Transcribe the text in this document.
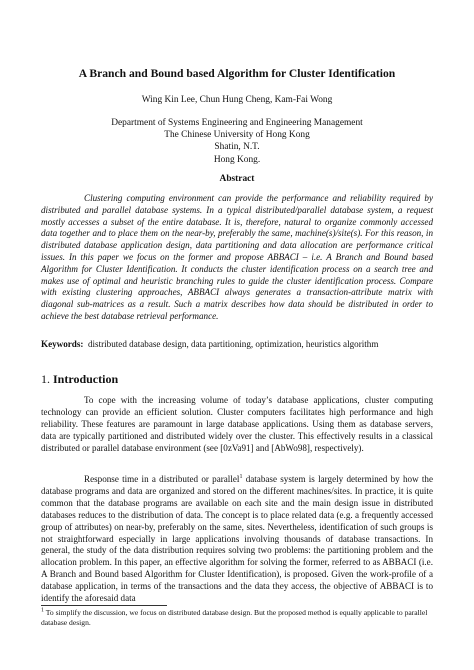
A Branch and Bound based Algorithm for Cluster Identification
Wing Kin Lee, Chun Hung Cheng, Kam-Fai Wong
Department of Systems Engineering and Engineering Management
The Chinese University of Hong Kong
Shatin, N.T.
Hong Kong.
Abstract

Clustering computing environment can provide the performance and reliability required by distributed and parallel database systems. In a typical distributed/parallel database system, a request mostly accesses a subset of the entire database. It is, therefore, natural to organize commonly accessed data together and to place them on the near-by, preferably the same, machine(s)/site(s). For this reason, in distributed database application design, data partitioning and data allocation are performance critical issues. In this paper we focus on the former and propose ABBACI – i.e. A Branch and Bound based Algorithm for Cluster Identification. It conducts the cluster identification process on a search tree and makes use of optimal and heuristic branching rules to guide the cluster identification process. Compare with existing clustering approaches, ABBACI always generates a transaction-attribute matrix with diagonal sub-matrices as a result. Such a matrix describes how data should be distributed in order to achieve the best database retrieval performance.

Keywords: distributed database design, data partitioning, optimization, heuristics algorithm
1. Introduction

To cope with the increasing volume of today’s database applications, cluster computing technology can provide an efficient solution. Cluster computers facilitates high performance and high reliability. These features are paramount in large database applications. Using them as database servers, data are typically partitioned and distributed widely over the cluster. This effectively results in a classical distributed or parallel database environment (see [0zVa91] and [AbWo98], respectively).

Response time in a distributed or parallel$^1$ database system is largely determined by how the database programs and data are organized and stored on the different machines/sites. In practice, it is quite common that the database programs are available on each site and the main design issue in distributed databases reduces to the distribution of data. The concept is to place related data (e.g. a frequently accessed group of attributes) on near-by, preferably on the same, sites. Nevertheless, identification of such groups is not straightforward especially in large applications involving thousands of database transactions. In general, the study of the data distribution requires solving two problems: the partitioning problem and the allocation problem. In this paper, an effective algorithm for solving the former, referred to as ABBACI (i.e. A Branch and Bound based Algorithm for Cluster Identification), is proposed. Given the work-profile of a database application, in terms of the transactions and the data they access, the objective of ABBACI is to identify the aforesaid data

$^1$ To simplify the discussion, we focus on distributed database design. But the proposed method is equally applicable to parallel database design.
